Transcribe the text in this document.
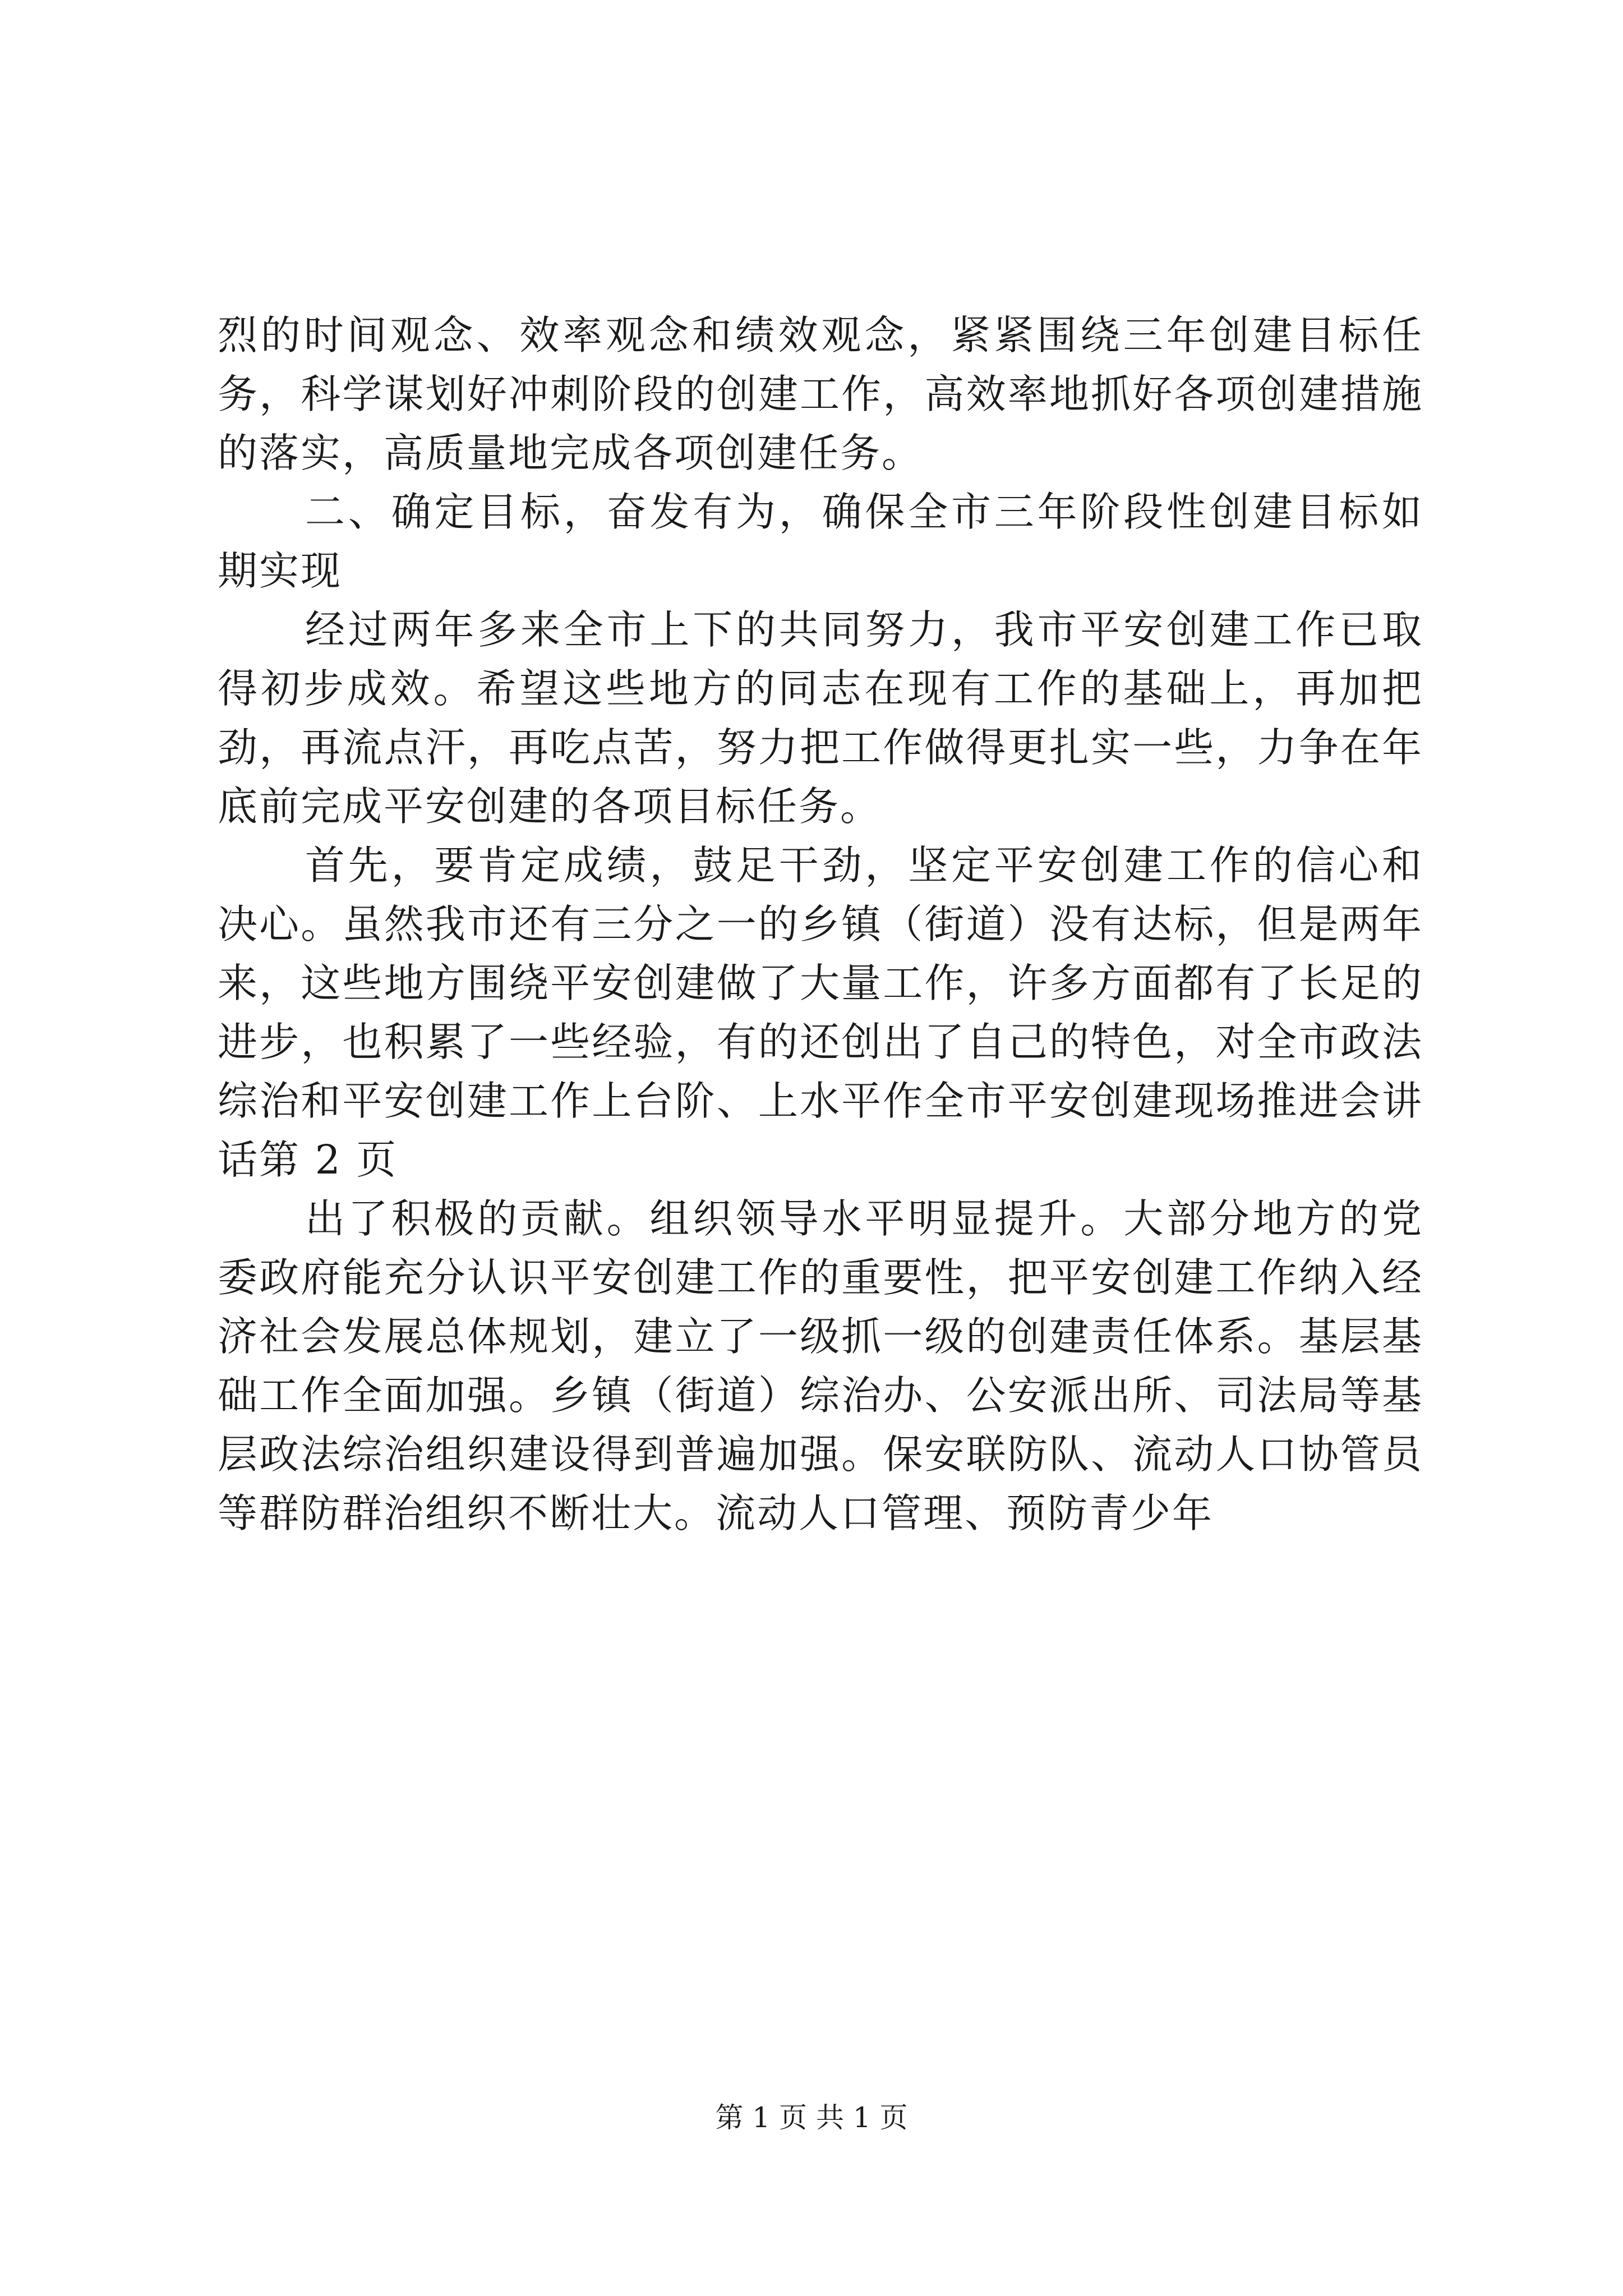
烈的时间观念、效率观念和绩效观念，紧紧围绕三年创建目标任务，科学谋划好冲刺阶段的创建工作，高效率地抓好各项创建措施的落实，高质量地完成各项创建任务。

二、确定目标，奋发有为，确保全市三年阶段性创建目标如期实现

经过两年多来全市上下的共同努力，我市平安创建工作已取得初步成效。希望这些地方的同志在现有工作的基础上，再加把劲，再流点汗，再吃点苦，努力把工作做得更扎实一些，力争在年底前完成平安创建的各项目标任务。

首先，要肯定成绩，鼓足干劲，坚定平安创建工作的信心和决心。虽然我市还有三分之一的乡镇（街道）没有达标，但是两年来，这些地方围绕平安创建做了大量工作，许多方面都有了长足的进步，也积累了一些经验，有的还创出了自己的特色，对全市政法综治和平安创建工作上台阶、上水平作全市平安创建现场推进会讲话第 2 页

出了积极的贡献。组织领导水平明显提升。大部分地方的党委政府能充分认识平安创建工作的重要性，把平安创建工作纳入经济社会发展总体规划，建立了一级抓一级的创建责任体系。基层基础工作全面加强。乡镇（街道）综治办、公安派出所、司法局等基层政法综治组织建设得到普遍加强。保安联防队、流动人口协管员等群防群治组织不断壮大。流动人口管理、预防青少年

第 1 页 共 1 页
